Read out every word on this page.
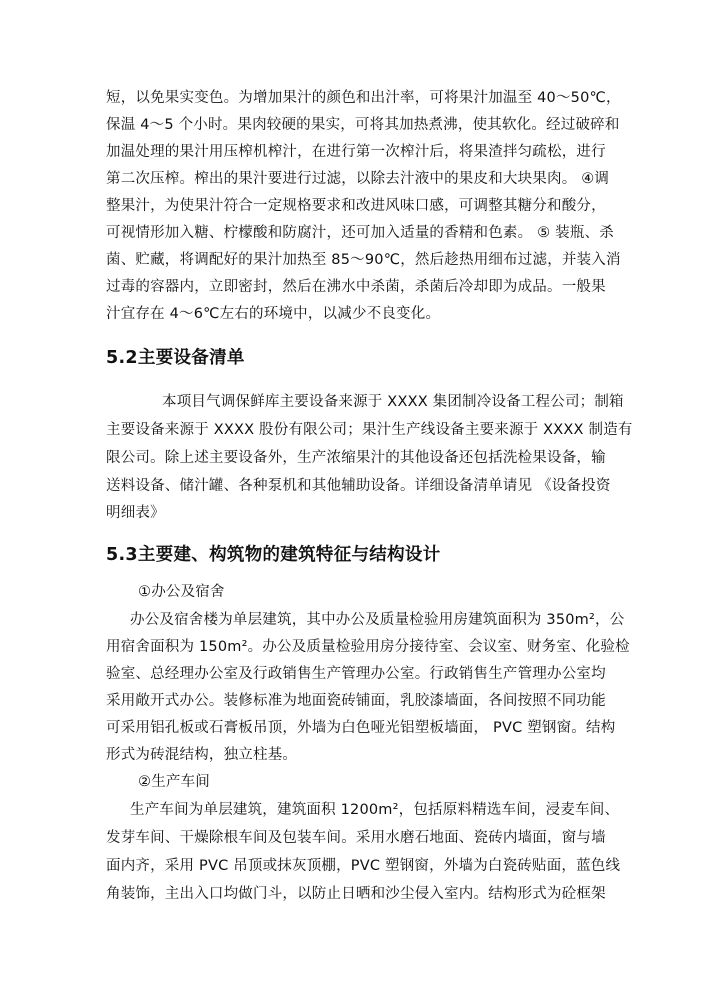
短，以免果实变色。为增加果汁的颜色和出汁率，可将果汁加温至 40～50℃，
保温 4～5 个小时。果肉较硬的果实，可将其加热煮沸，使其软化。经过破碎和
加温处理的果汁用压榨机榨汁，在进行第一次榨汁后，将果渣拌匀疏松，进行
第二次压榨。榨出的果汁要进行过滤，以除去汁液中的果皮和大块果肉。 ④调
整果汁，为使果汁符合一定规格要求和改进风味口感，可调整其糖分和酸分，
可视情形加入糖、柠檬酸和防腐汁，还可加入适量的香精和色素。 ⑤ 装瓶、杀
菌、贮藏，将调配好的果汁加热至 85～90℃，然后趁热用细布过滤，并装入消
过毒的容器内，立即密封，然后在沸水中杀菌，杀菌后冷却即为成品。一般果
汁宜存在 4～6℃左右的环境中，以减少不良变化。
5.2主要设备清单
本项目气调保鲜库主要设备来源于 XXXX 集团制冷设备工程公司；制箱
主要设备来源于 XXXX 股份有限公司；果汁生产线设备主要来源于 XXXX 制造有
限公司。除上述主要设备外，生产浓缩果汁的其他设备还包括洗检果设备，输
送料设备、储汁罐、各种泵机和其他辅助设备。详细设备清单请见 《设备投资
明细表》
5.3主要建、构筑物的建筑特征与结构设计
①办公及宿舍
办公及宿舍楼为单层建筑，其中办公及质量检验用房建筑面积为 350m²，公
用宿舍面积为 150m²。办公及质量检验用房分接待室、会议室、财务室、化验检
验室、总经理办公室及行政销售生产管理办公室。行政销售生产管理办公室均
采用敞开式办公。装修标准为地面瓷砖铺面，乳胶漆墙面，各间按照不同功能
可采用铝孔板或石膏板吊顶，外墙为白色哑光铝塑板墙面， PVC 塑钢窗。结构
形式为砖混结构，独立柱基。
②生产车间
生产车间为单层建筑，建筑面积 1200m²，包括原料精选车间，浸麦车间、
发芽车间、干燥除根车间及包装车间。采用水磨石地面、瓷砖内墙面，窗与墙
面内齐，采用 PVC 吊顶或抹灰顶棚，PVC 塑钢窗，外墙为白瓷砖贴面，蓝色线
角装饰，主出入口均做门斗，以防止日晒和沙尘侵入室内。结构形式为砼框架
